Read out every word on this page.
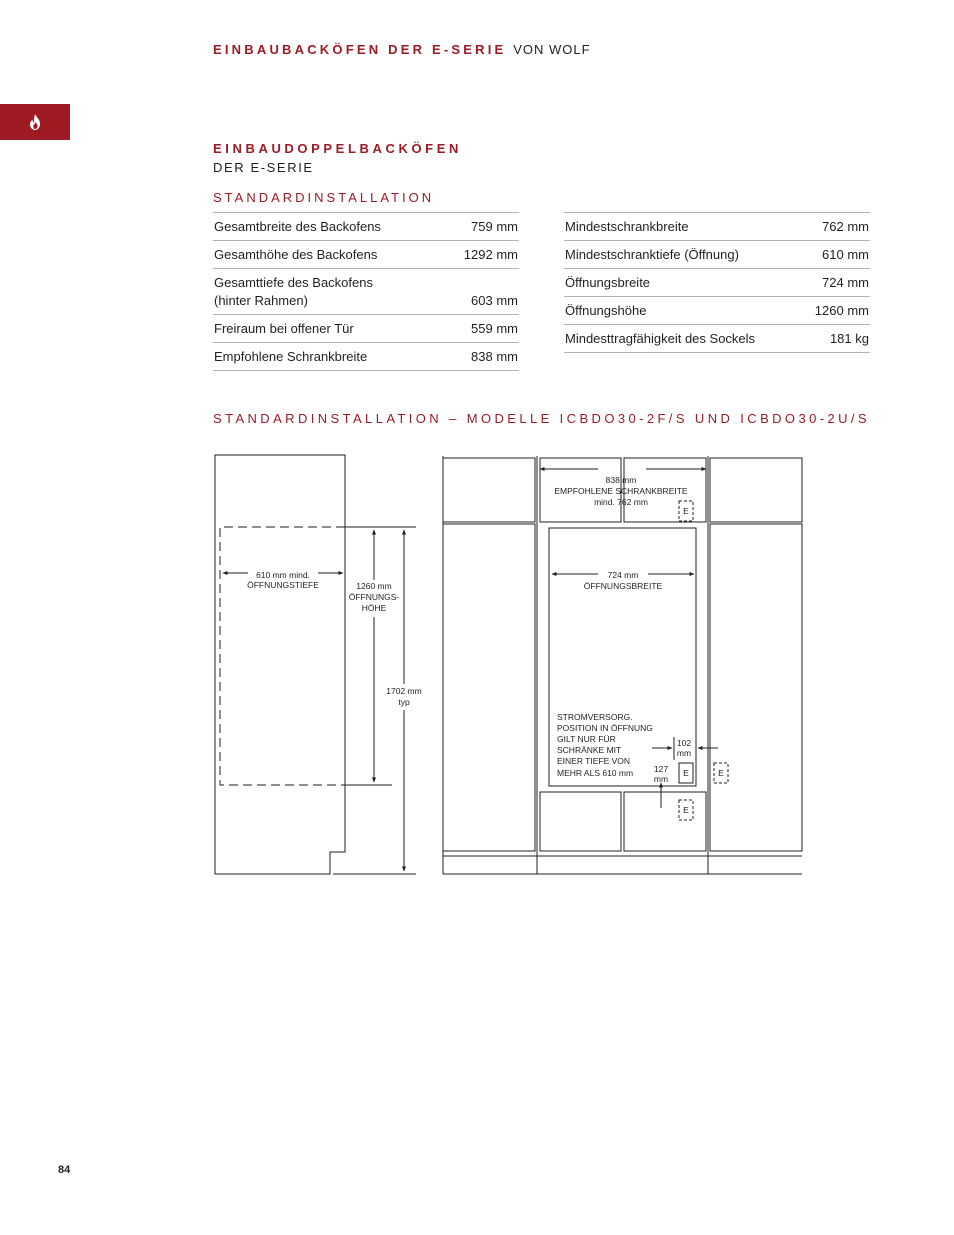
EINBAUBACKÖFEN DER E-SERIE VON WOLF
EINBAUDOPPELBACKÖFEN
DER E-SERIE
STANDARDINSTALLATION
Gesamtbreite des Backofens	759 mm
Gesamthöhe des Backofens	1292 mm
Gesamttiefe des Backofens
(hinter Rahmen)	603 mm
Freiraum bei offener Tür	559 mm
Empfohlene Schrankbreite	838 mm
Mindestschrankbreite	762 mm
Mindestschranktiefe (Öffnung)	610 mm
Öffnungsbreite	724 mm
Öffnungshöhe	1260 mm
Mindesttragfähigkeit des Sockels	181 kg
STANDARDINSTALLATION – MODELLE ICBDO30-2F/S UND ICBDO30-2U/S
610 mm mind.
ÖFFNUNGSTIEFE	1260 mm
ÖFFNUNGS-
HÖHE
1702 mm
typ
838 mm
EMPFOHLENE SCHRANKBREITE
mind. 762 mm
724 mm
ÖFFNUNGSBREITE
STROMVERSORG.
POSITION IN ÖFFNUNG
GILT NUR FÜR
SCHRÄNKE MIT
EINER TIEFE VON
MEHR ALS 610 mm
102
mm
127
mm
E
E	E
E
84
